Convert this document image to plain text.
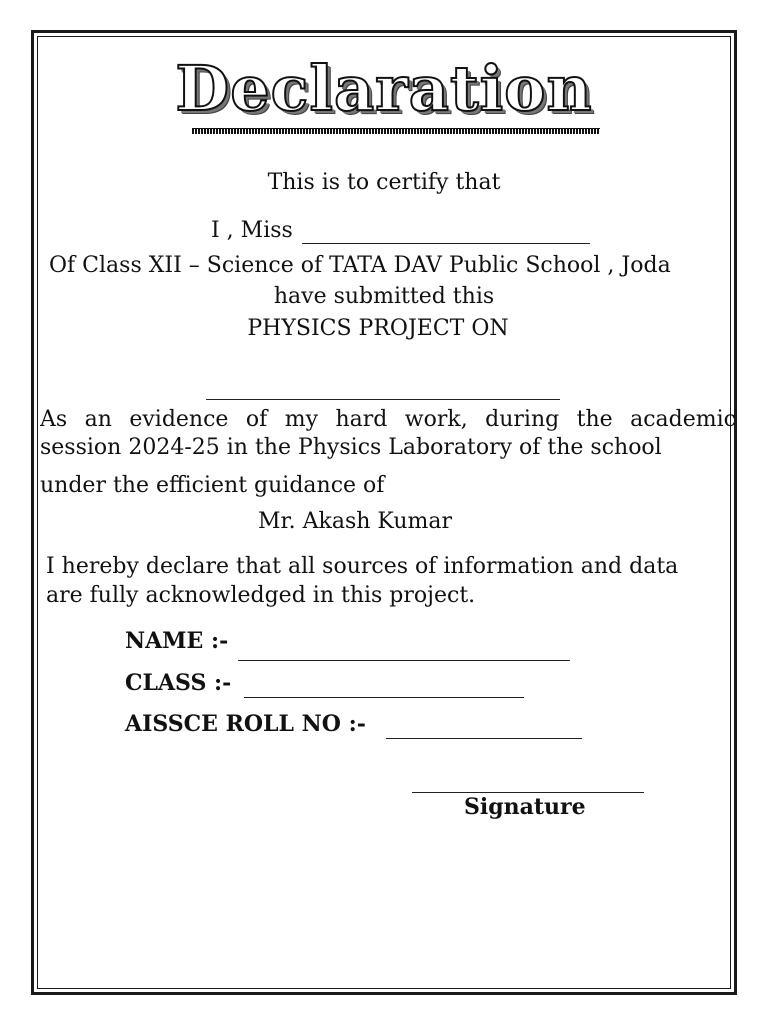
Declaration
This is to certify that
I , Miss
Of Class XII – Science of TATA DAV Public School , Joda
have submitted this
PHYSICS PROJECT ON
As an evidence of my hard work, during the academic
session 2024-25 in the Physics Laboratory of the school
under the efficient guidance of
Mr. Akash Kumar
I hereby declare that all sources of information and data
are fully acknowledged in this project.
NAME :-
CLASS :-
AISSCE ROLL NO :-
Signature
